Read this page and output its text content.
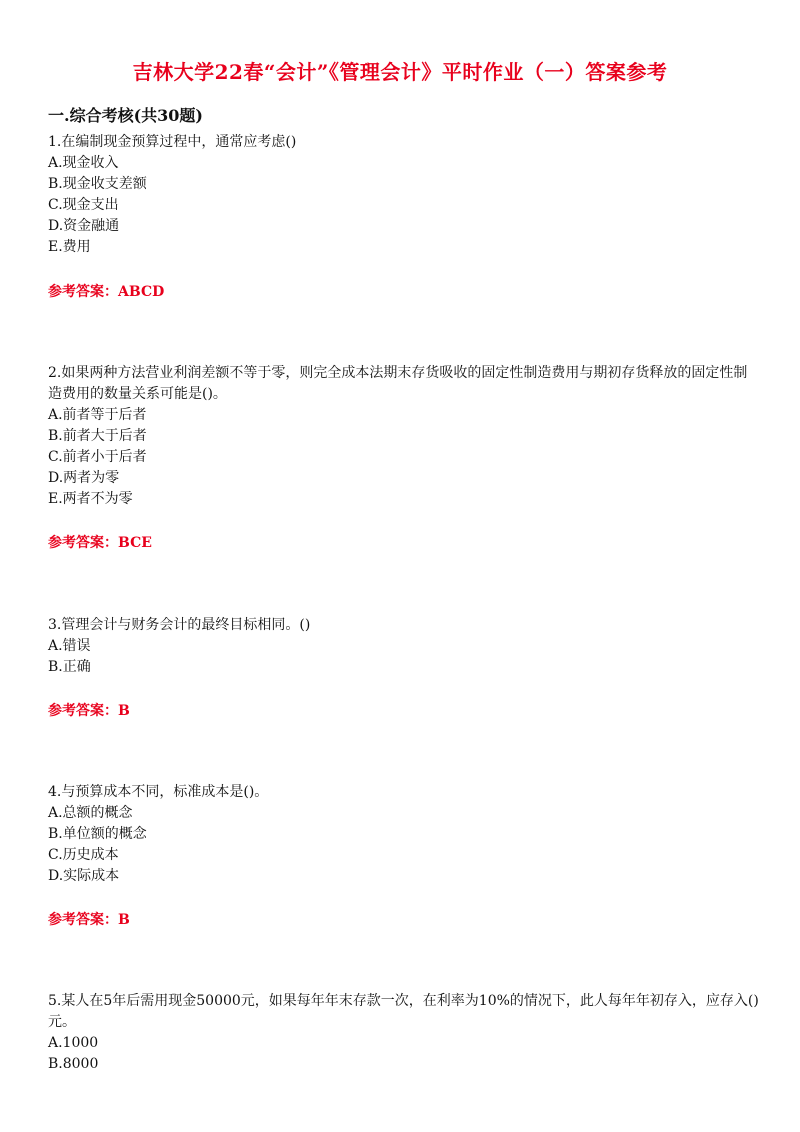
吉林大学22春“会计”《管理会计》平时作业（一）答案参考
一.综合考核(共30题)

1.在编制现金预算过程中，通常应考虑()

A.现金收入

B.现金收支差额

C.现金支出

D.资金融通

E.费用

参考答案：ABCD

2.如果两种方法营业利润差额不等于零，则完全成本法期末存货吸收的固定性制造费用与期初存货释放的固定性制造费用的数量关系可能是()。

A.前者等于后者

B.前者大于后者

C.前者小于后者

D.两者为零

E.两者不为零

参考答案：BCE

3.管理会计与财务会计的最终目标相同。()

A.错误

B.正确

参考答案：B

4.与预算成本不同，标准成本是()。

A.总额的概念

B.单位额的概念

C.历史成本

D.实际成本

参考答案：B

5.某人在5年后需用现金50000元，如果每年年末存款一次，在利率为10%的情况下，此人每年年初存入，应存入()元。

A.1000

B.8000
